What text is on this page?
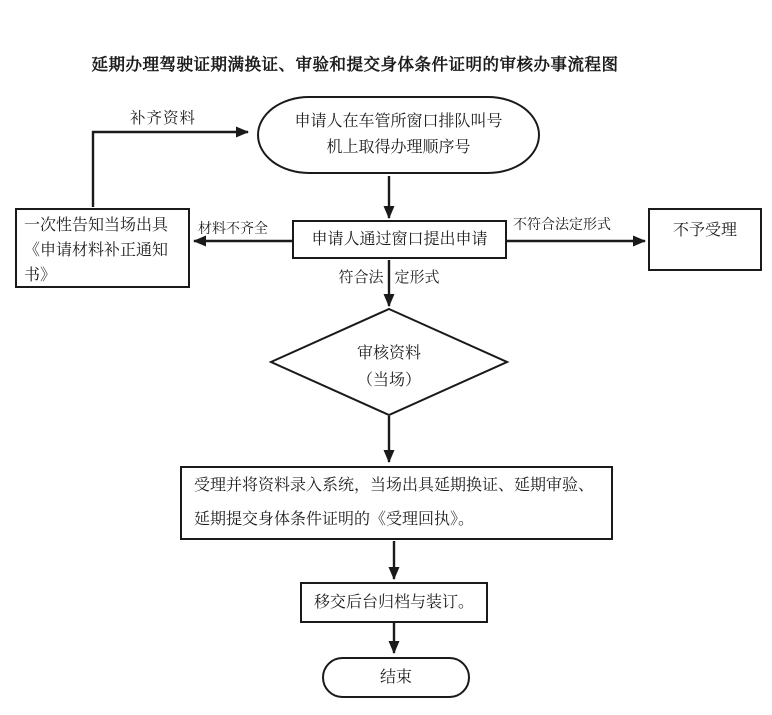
延期办理驾驶证期满换证、审验和提交身体条件证明的审核办事流程图
申请人在车管所窗口排队叫号
机上取得办理顺序号
一次性告知当场出具
《申请材料补正通知
书》
申请人通过窗口提出申请
不予受理
审核资料
（当场）
受理并将资料录入系统，当场出具延期换证、延期审验、
延期提交身体条件证明的《受理回执》。
移交后台归档与装订。
结束
补齐资料
材料不齐全	不符合法定形式
符合法 定形式
